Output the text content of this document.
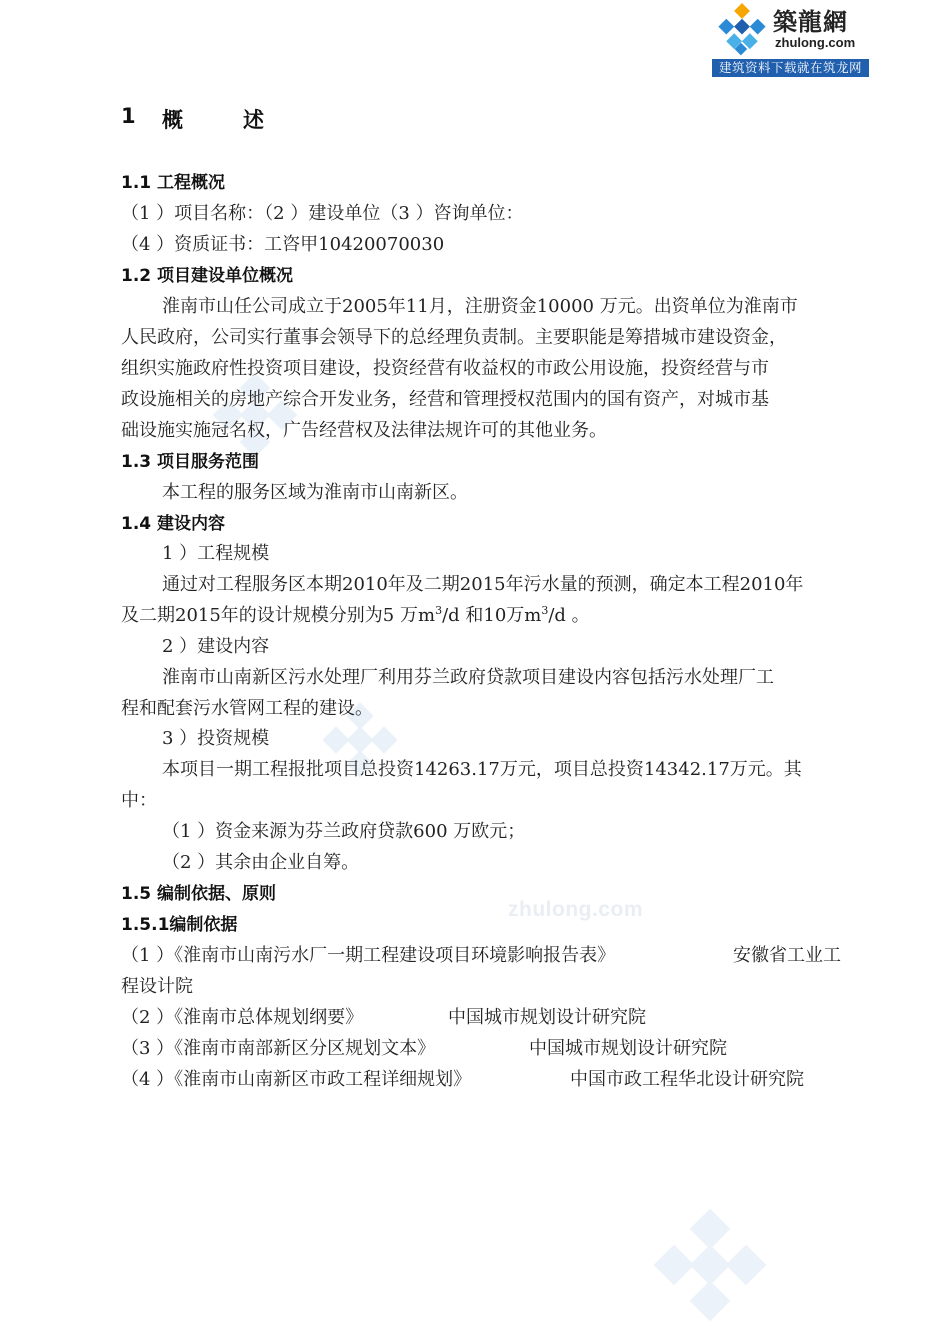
zhulong.com
築龍網
zhulong.com
建筑资料下载就在筑龙网
1 概	述
1.1 工程概况
（1 ）项目名称：（2 ）建设单位（3 ）咨询单位：
（4 ）资质证书：工咨甲10420070030
1.2 项目建设单位概况
淮南市山任公司成立于2005年11月，注册资金10000 万元。出资单位为淮南市
人民政府，公司实行董事会领导下的总经理负责制。主要职能是筹措城市建设资金，
组织实施政府性投资项目建设，投资经营有收益权的市政公用设施，投资经营与市
政设施相关的房地产综合开发业务，经营和管理授权范围内的国有资产，对城市基
础设施实施冠名权，广告经营权及法律法规许可的其他业务。
1.3 项目服务范围
本工程的服务区域为淮南市山南新区。
1.4 建设内容
1 ）工程规模
通过对工程服务区本期2010年及二期2015年污水量的预测，确定本工程2010年
及二期2015年的设计规模分别为5 万$m^3/d$ 和10万$m^3/d$ 。
2 ）建设内容
淮南市山南新区污水处理厂利用芬兰政府贷款项目建设内容包括污水处理厂工
程和配套污水管网工程的建设。
3 ）投资规模
本项目一期工程报批项目总投资14263.17万元，项目总投资14342.17万元。其
中：
（1 ）资金来源为芬兰政府贷款600 万欧元；
（2 ）其余由企业自筹。
1.5 编制依据、原则
1.5.1编制依据
（1 ）《淮南市山南污水厂一期工程建设项目环境影响报告表》	安徽省工业工
程设计院
（2 ）《淮南市总体规划纲要》	中国城市规划设计研究院
（3 ）《淮南市南部新区分区规划文本》	中国城市规划设计研究院
（4 ）《淮南市山南新区市政工程详细规划》	中国市政工程华北设计研究院
